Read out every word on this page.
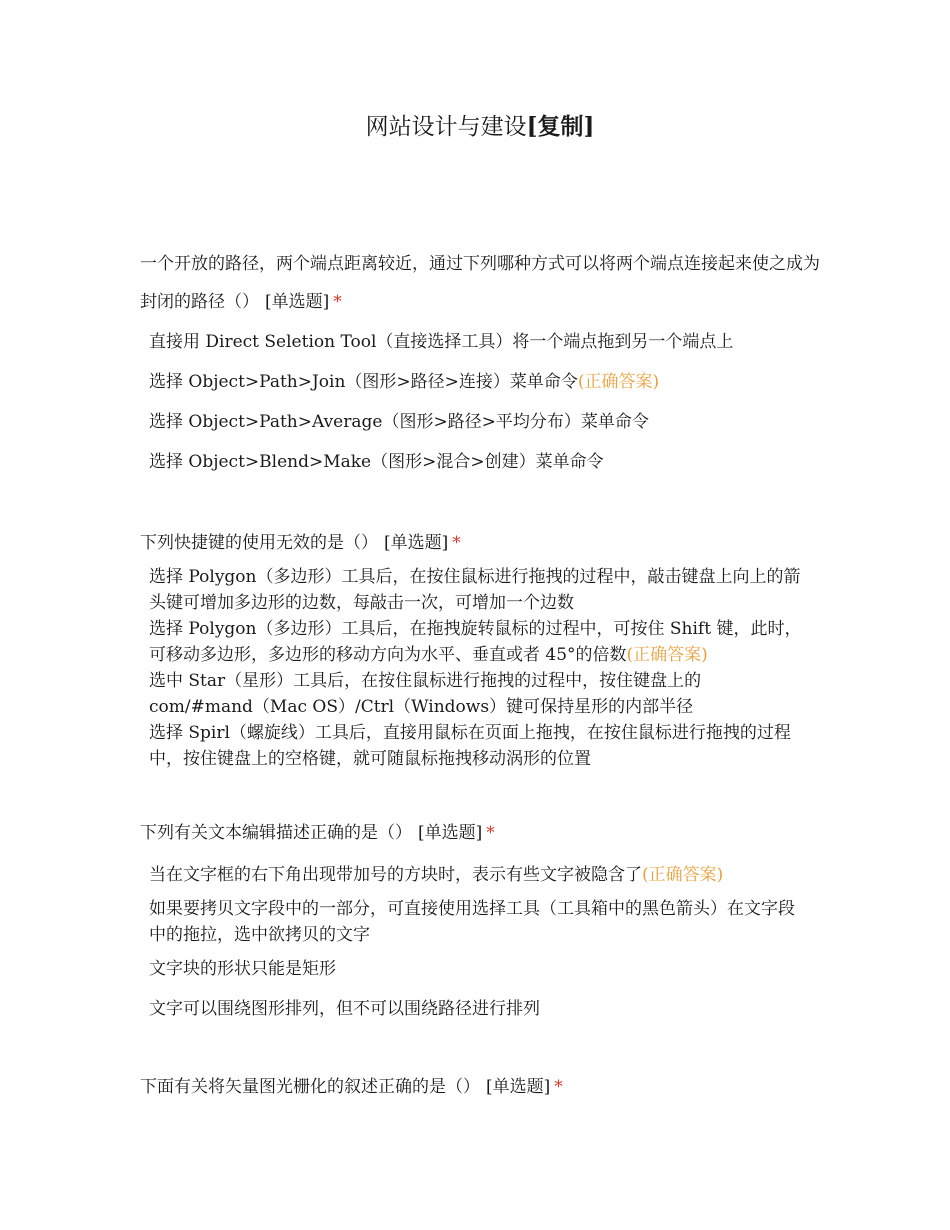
网站设计与建设[复制]

一个开放的路径，两个端点距离较近，通过下列哪种方式可以将两个端点连接起来使之成为封闭的路径（） [单选题] *

直接用 Direct Seletion Tool（直接选择工具）将一个端点拖到另一个端点上
选择 Object>Path>Join（图形>路径>连接）菜单命令(正确答案)
选择 Object>Path>Average（图形>路径>平均分布）菜单命令
选择 Object>Blend>Make（图形>混合>创建）菜单命令

下列快捷键的使用无效的是（） [单选题] *

选择 Polygon（多边形）工具后，在按住鼠标进行拖拽的过程中，敲击键盘上向上的箭头键可增加多边形的边数，每敲击一次，可增加一个边数
选择 Polygon（多边形）工具后，在拖拽旋转鼠标的过程中，可按住 Shift 键，此时，可移动多边形，多边形的移动方向为水平、垂直或者 45°的倍数(正确答案)
选中 Star（星形）工具后，在按住鼠标进行拖拽的过程中，按住键盘上的 com/#mand（Mac OS）/Ctrl（Windows）键可保持星形的内部半径
选择 Spirl（螺旋线）工具后，直接用鼠标在页面上拖拽，在按住鼠标进行拖拽的过程中，按住键盘上的空格键，就可随鼠标拖拽移动涡形的位置

下列有关文本编辑描述正确的是（） [单选题] *

当在文字框的右下角出现带加号的方块时，表示有些文字被隐含了(正确答案)
如果要拷贝文字段中的一部分，可直接使用选择工具（工具箱中的黑色箭头）在文字段中的拖拉，选中欲拷贝的文字
文字块的形状只能是矩形
文字可以围绕图形排列，但不可以围绕路径进行排列

下面有关将矢量图光栅化的叙述正确的是（） [单选题] *
